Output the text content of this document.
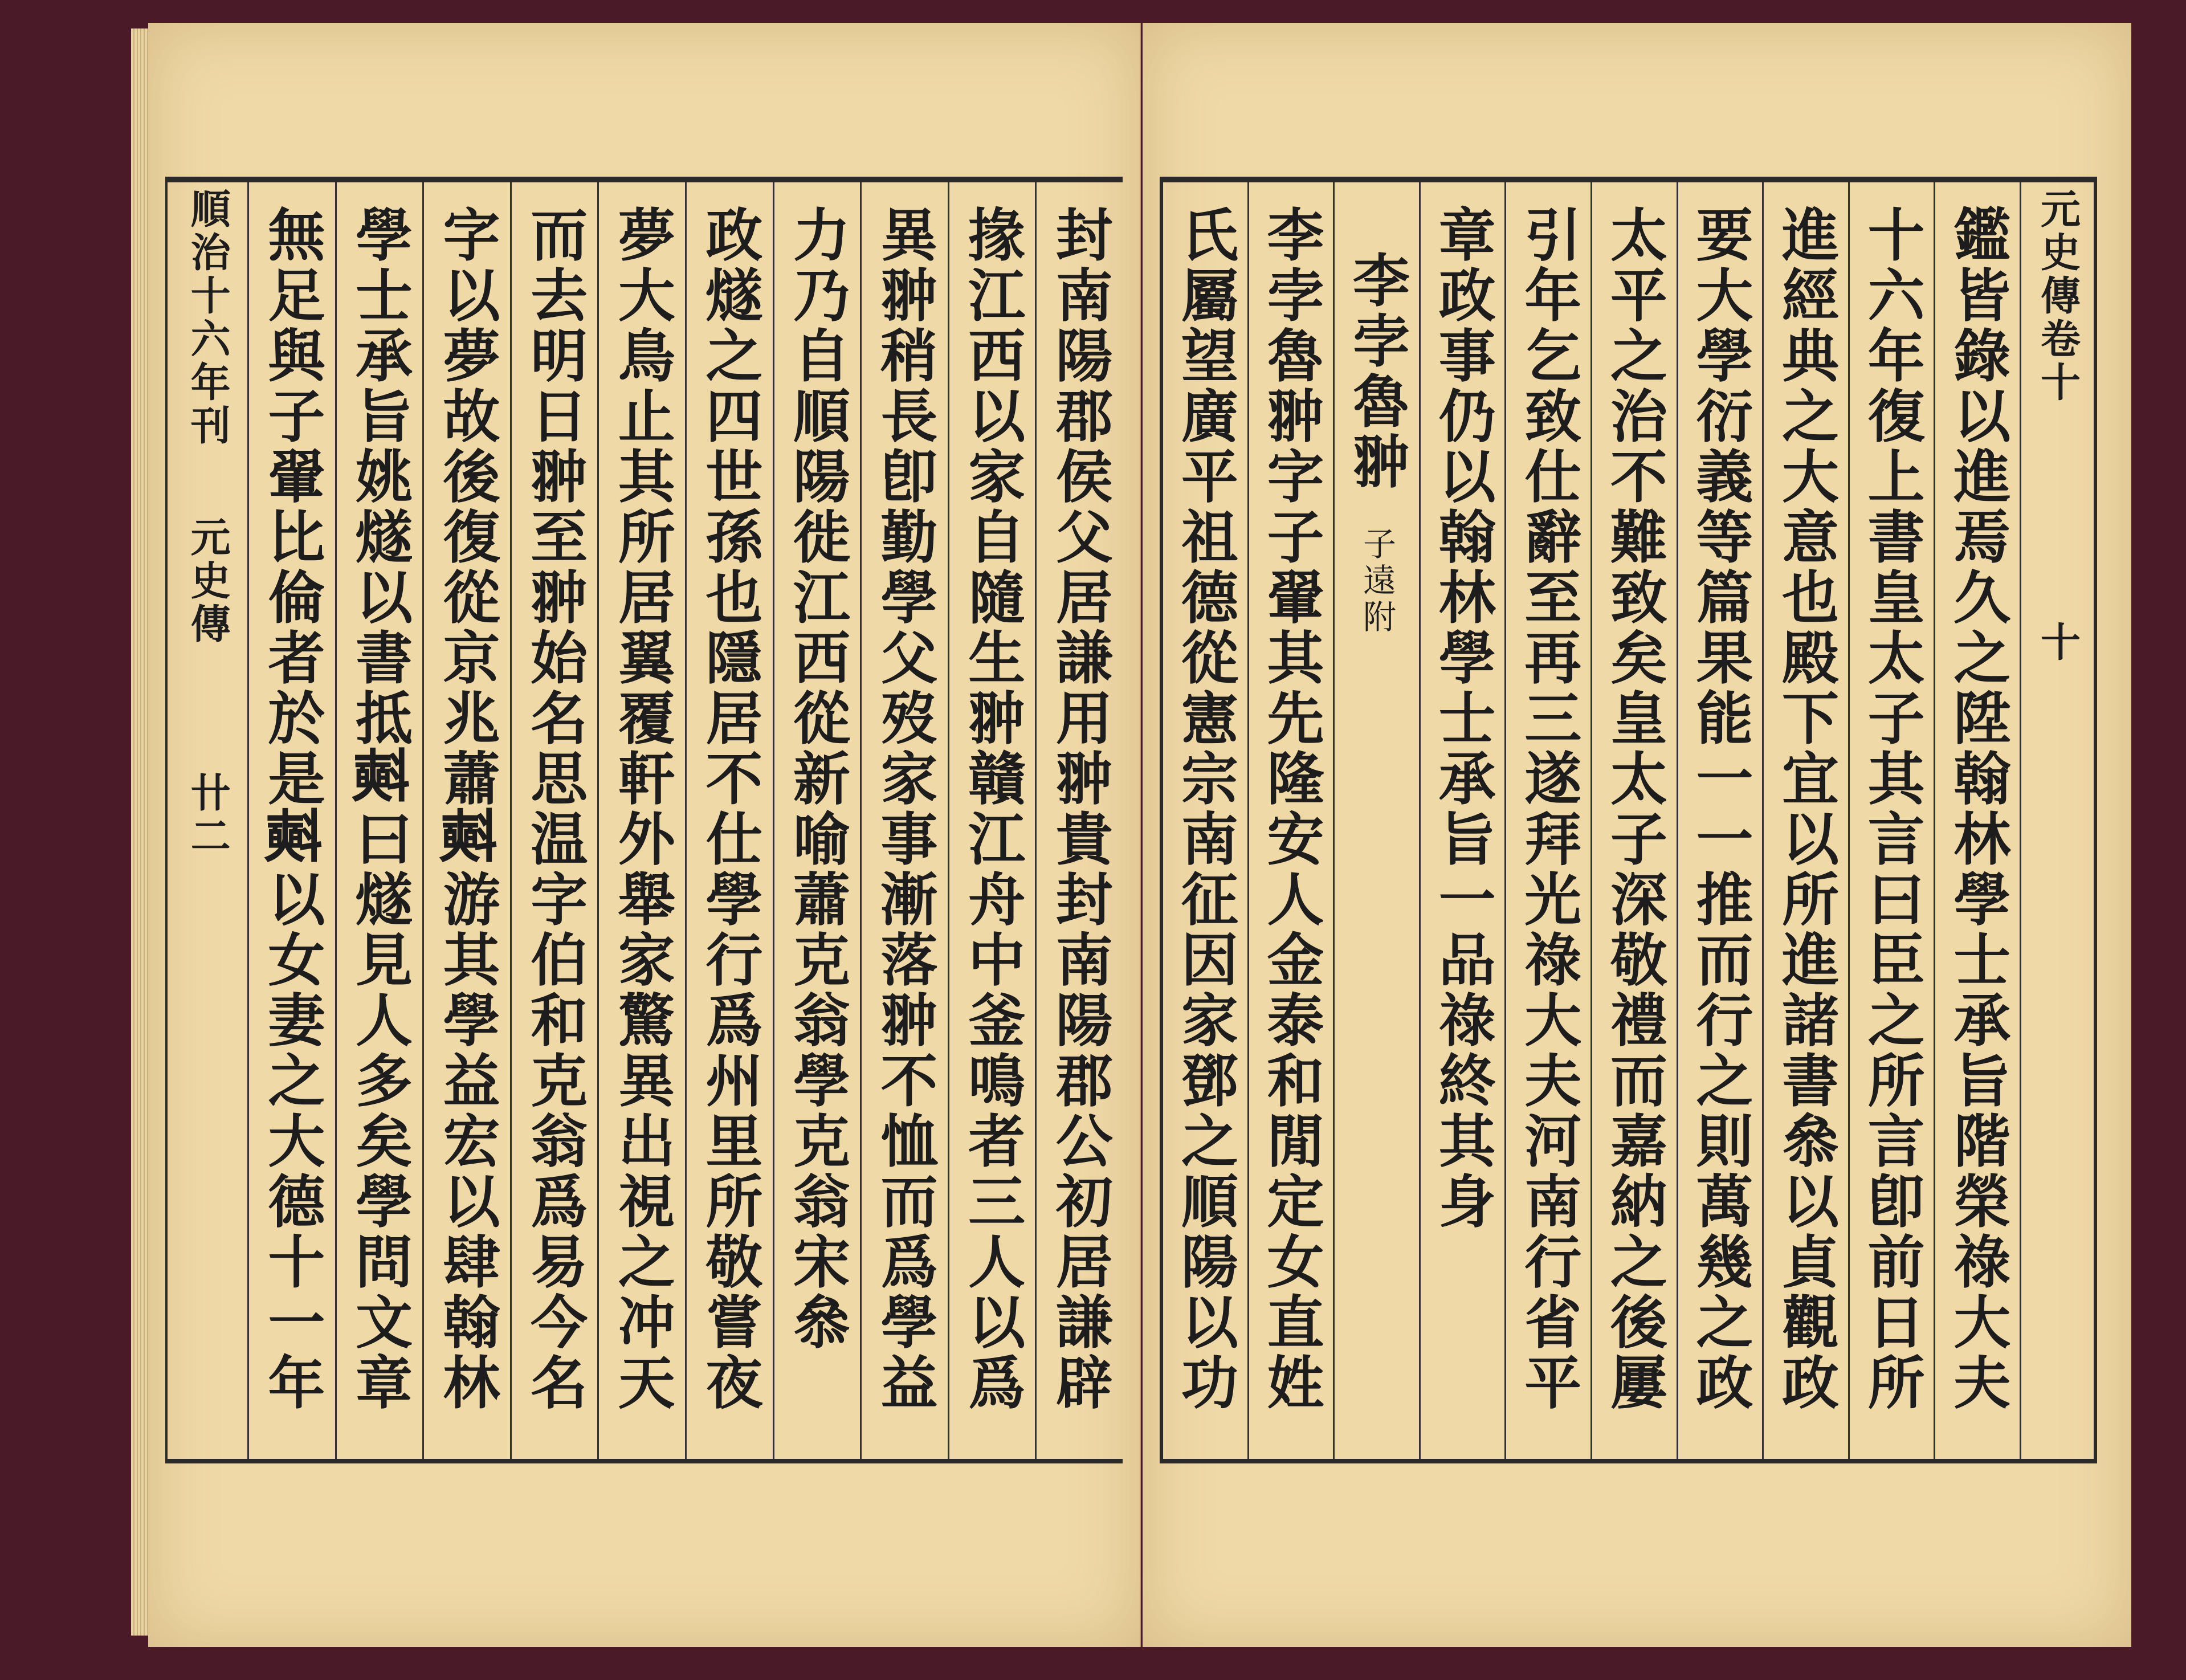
封南陽郡侯父居謙用翀貴封南陽郡公初居謙辟
掾江西以家自隨生翀贛江舟中釜鳴者三人以爲
異翀稍長卽勤學父歿家事漸落翀不恤而爲學益
力乃自順陽徙江西從新喻蕭克翁學克翁宋叅
政燧之四世孫也隱居不仕學行爲州里所敬嘗夜
夢大鳥止其所居翼覆軒外舉家驚異出視之冲天
而去明日翀至翀始名思温字伯和克翁爲易今名
字以夢故後復從京兆蕭𣂏游其學益宏以肆翰林
學士承旨姚燧以書抵𣂏曰燧見人多矣學問文章
無足與子翬比倫者於是𣂏以女妻之大德十一年
順治十六年刊
元史傳
卄二
元史傳卷十
十
鑑皆錄以進焉久之陞翰林學士承旨階榮祿大夫
十六年復上書皇太子其言曰臣之所言卽前日所
進經典之大意也殿下宜以所進諸書叅以貞觀政
要大學衍義等篇果能一一推而行之則萬幾之政
太平之治不難致矣皇太子深敬禮而嘉納之後屢
引年乞致仕辭至再三遂拜光祿大夫河南行省平
章政事仍以翰林學士承旨一品祿終其身
李孛魯翀
子遠附
李孛魯翀字子翬其先隆安人金泰和閒定女直姓
氏屬望廣平祖德從憲宗南征因家鄧之順陽以功
